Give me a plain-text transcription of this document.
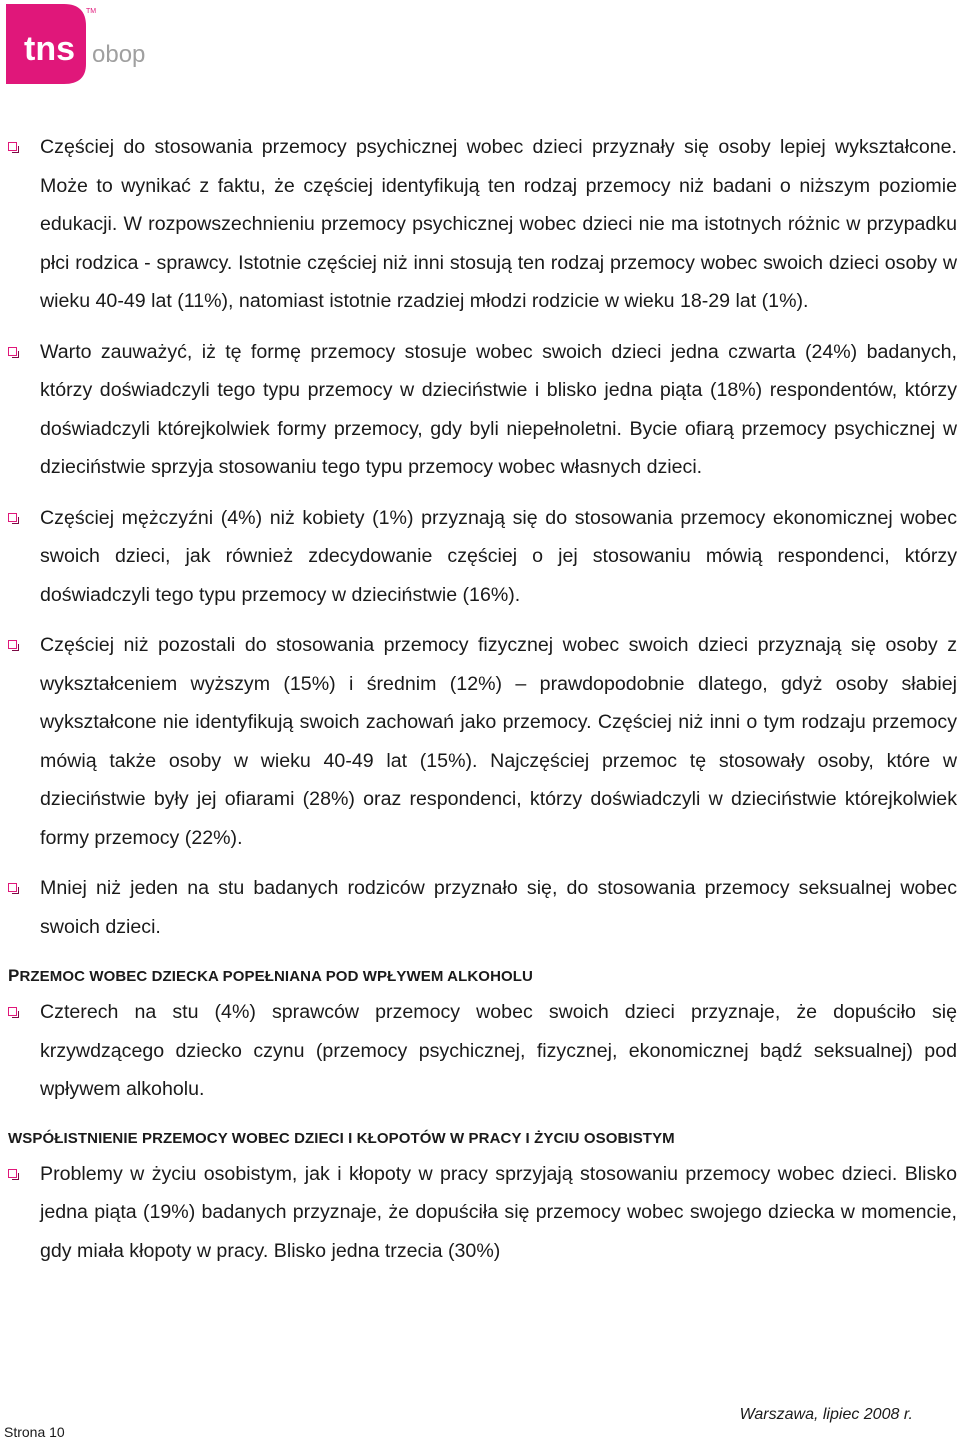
tns obop
TM
Częściej do stosowania przemocy psychicznej wobec dzieci przyznały się osoby lepiej wykształcone. Może to wynikać z faktu, że częściej identyfikują ten rodzaj przemocy niż badani o niższym poziomie edukacji. W rozpowszechnieniu przemocy psychicznej wobec dzieci nie ma istotnych różnic w przypadku płci rodzica - sprawcy. Istotnie częściej niż inni stosują ten rodzaj przemocy wobec swoich dzieci osoby w wieku 40-49 lat (11%), natomiast istotnie rzadziej młodzi rodzicie w wieku 18-29 lat (1%).
Warto zauważyć, iż tę formę przemocy stosuje wobec swoich dzieci jedna czwarta (24%) badanych, którzy doświadczyli tego typu przemocy w dzieciństwie i blisko jedna piąta (18%) respondentów, którzy doświadczyli którejkolwiek formy przemocy, gdy byli niepełnoletni. Bycie ofiarą przemocy psychicznej w dzieciństwie sprzyja stosowaniu tego typu przemocy wobec własnych dzieci.
Częściej mężczyźni (4%) niż kobiety (1%) przyznają się do stosowania przemocy ekonomicznej wobec swoich dzieci, jak również zdecydowanie częściej o jej stosowaniu mówią respondenci, którzy doświadczyli tego typu przemocy w dzieciństwie (16%).
Częściej niż pozostali do stosowania przemocy fizycznej wobec swoich dzieci przyznają się osoby z wykształceniem wyższym (15%) i średnim (12%) – prawdopodobnie dlatego, gdyż osoby słabiej wykształcone nie identyfikują swoich zachowań jako przemocy. Częściej niż inni o tym rodzaju przemocy mówią także osoby w wieku 40-49 lat (15%). Najczęściej przemoc tę stosowały osoby, które w dzieciństwie były jej ofiarami (28%) oraz respondenci, którzy doświadczyli w dzieciństwie którejkolwiek formy przemocy (22%).
Mniej niż jeden na stu badanych rodziców przyznało się, do stosowania przemocy seksualnej wobec swoich dzieci.
PRZEMOC WOBEC DZIECKA POPEŁNIANA POD WPŁYWEM ALKOHOLU
Czterech na stu (4%) sprawców przemocy wobec swoich dzieci przyznaje, że dopuściło się krzywdzącego dziecko czynu (przemocy psychicznej, fizycznej, ekonomicznej bądź seksualnej) pod wpływem alkoholu.
WSPÓŁISTNIENIE PRZEMOCY WOBEC DZIECI I KŁOPOTÓW W PRACY I ŻYCIU OSOBISTYM
Problemy w życiu osobistym, jak i kłopoty w pracy sprzyjają stosowaniu przemocy wobec dzieci. Blisko jedna piąta (19%) badanych przyznaje, że dopuściła się przemocy wobec swojego dziecka w momencie, gdy miała kłopoty w pracy. Blisko jedna trzecia (30%)
Strona 10
Warszawa, lipiec 2008 r.
